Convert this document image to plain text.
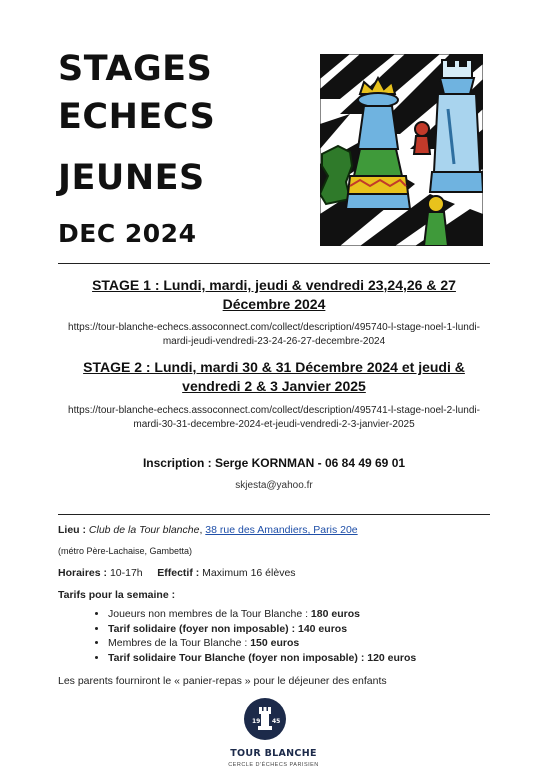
STAGES
ECHECS
JEUNES
DEC 2024
STAGE 1 : Lundi, mardi, jeudi & vendredi 23,24,26 & 27 Décembre 2024
https://tour-blanche-echecs.assoconnect.com/collect/description/495740-l-stage-noel-1-lundi-mardi-jeudi-vendredi-23-24-26-27-decembre-2024
STAGE 2 : Lundi, mardi 30 & 31 Décembre 2024 et jeudi & vendredi 2 & 3 Janvier 2025
https://tour-blanche-echecs.assoconnect.com/collect/description/495741-l-stage-noel-2-lundi-mardi-30-31-decembre-2024-et-jeudi-vendredi-2-3-janvier-2025
Inscription : Serge KORNMAN - 06 84 49 69 01
skjesta@yahoo.fr
Lieu : Club de la Tour blanche, 38 rue des Amandiers, Paris 20e
(métro Père-Lachaise, Gambetta)
Horaires : 10-17h Effectif : Maximum 16 élèves
Tarifs pour la semaine :
• Joueurs non membres de la Tour Blanche : 180 euros
• Tarif solidaire (foyer non imposable) : 140 euros
• Membres de la Tour Blanche : 150 euros
• Tarif solidaire Tour Blanche (foyer non imposable) : 120 euros
Les parents fourniront le « panier-repas » pour le déjeuner des enfants
19 45
TOUR BLANCHE
CERCLE D'ÉCHECS PARISIEN
